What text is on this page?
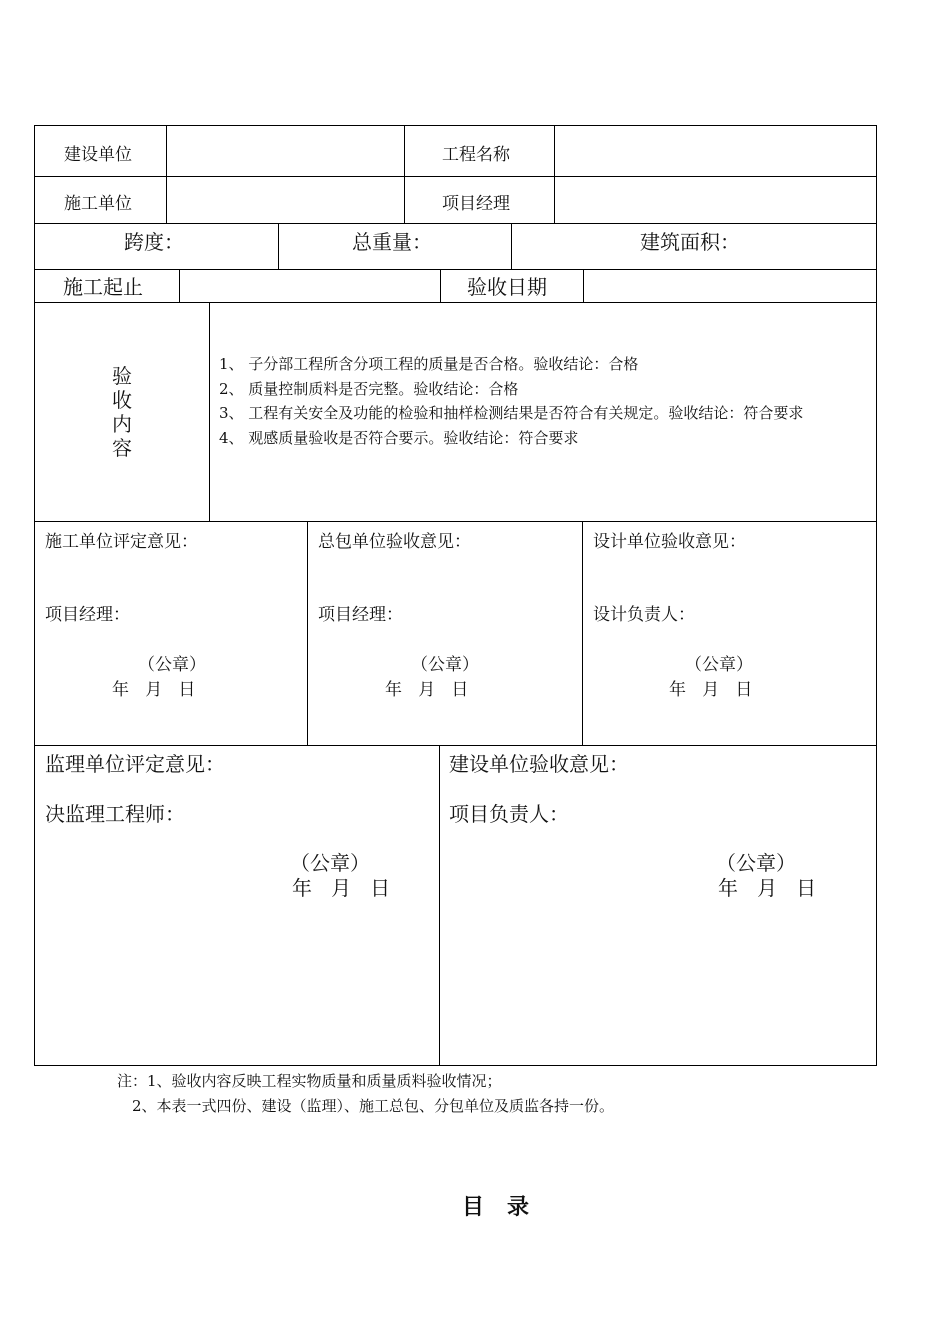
建设单位	工程名称
施工单位	项目经理
跨度：	总重量：	建筑面积：
施工起止	验收日期
验
收
内
容
1、 子分部工程所含分项工程的质量是否合格。验收结论：合格
2、 质量控制质料是否完整。验收结论：合格
3、 工程有关安全及功能的检验和抽样检测结果是否符合有关规定。验收结论：符合要求
4、 观感质量验收是否符合要示。验收结论：符合要求
施工单位评定意见：
项目经理：
（公章）
年   月   日
总包单位验收意见：
项目经理：
（公章）
年   月   日
设计单位验收意见：
设计负责人：
（公章）
年   月   日
监理单位评定意见：
决监理工程师：
（公章）
年   月   日
建设单位验收意见：
项目负责人：
（公章）
年   月   日
注：1、验收内容反映工程实物质量和质量质料验收情况；
2、本表一式四份、建设（监理）、施工总包、分包单位及质监各持一份。
目   录
